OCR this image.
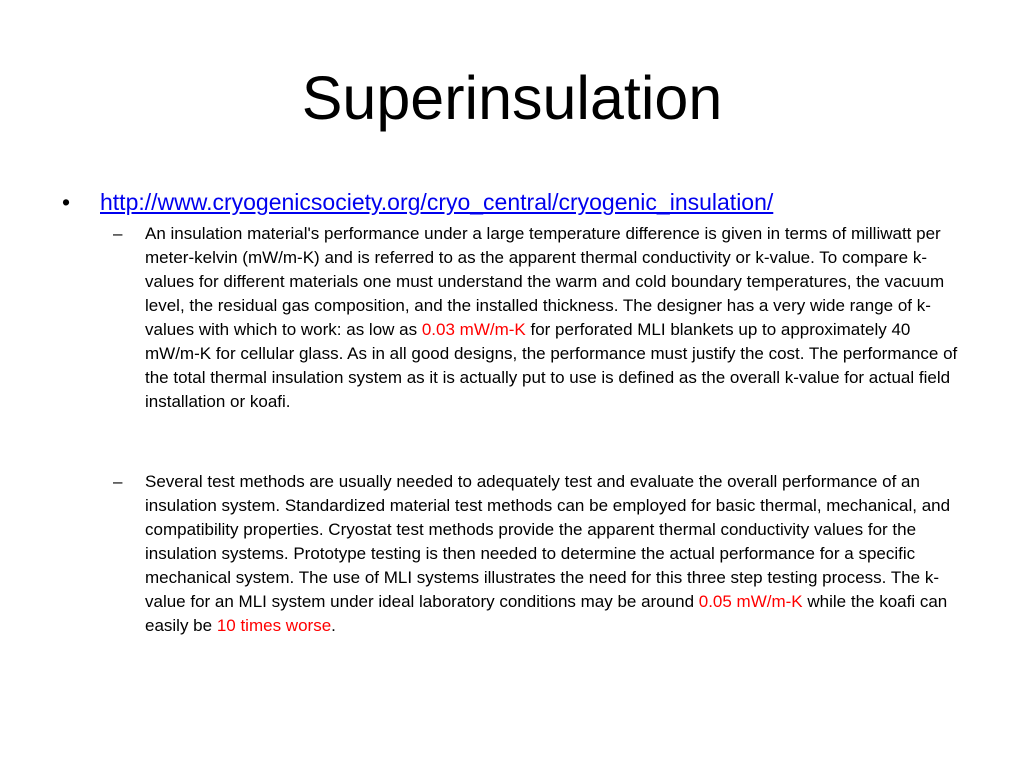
Superinsulation
• http://www.cryogenicsociety.org/cryo_central/cryogenic_insulation/
– An insulation material's performance under a large temperature difference is given in terms of milliwatt per meter-kelvin (mW/m-K) and is referred to as the apparent thermal conductivity or k-value. To compare k-values for different materials one must understand the warm and cold boundary temperatures, the vacuum level, the residual gas composition, and the installed thickness. The designer has a very wide range of k-values with which to work: as low as 0.03 mW/m-K for perforated MLI blankets up to approximately 40 mW/m-K for cellular glass. As in all good designs, the performance must justify the cost. The performance of the total thermal insulation system as it is actually put to use is defined as the overall k-value for actual field installation or koafi.
– Several test methods are usually needed to adequately test and evaluate the overall performance of an insulation system. Standardized material test methods can be employed for basic thermal, mechanical, and compatibility properties. Cryostat test methods provide the apparent thermal conductivity values for the insulation systems. Prototype testing is then needed to determine the actual performance for a specific mechanical system. The use of MLI systems illustrates the need for this three step testing process. The k-value for an MLI system under ideal laboratory conditions may be around 0.05 mW/m-K while the koafi can easily be 10 times worse.
